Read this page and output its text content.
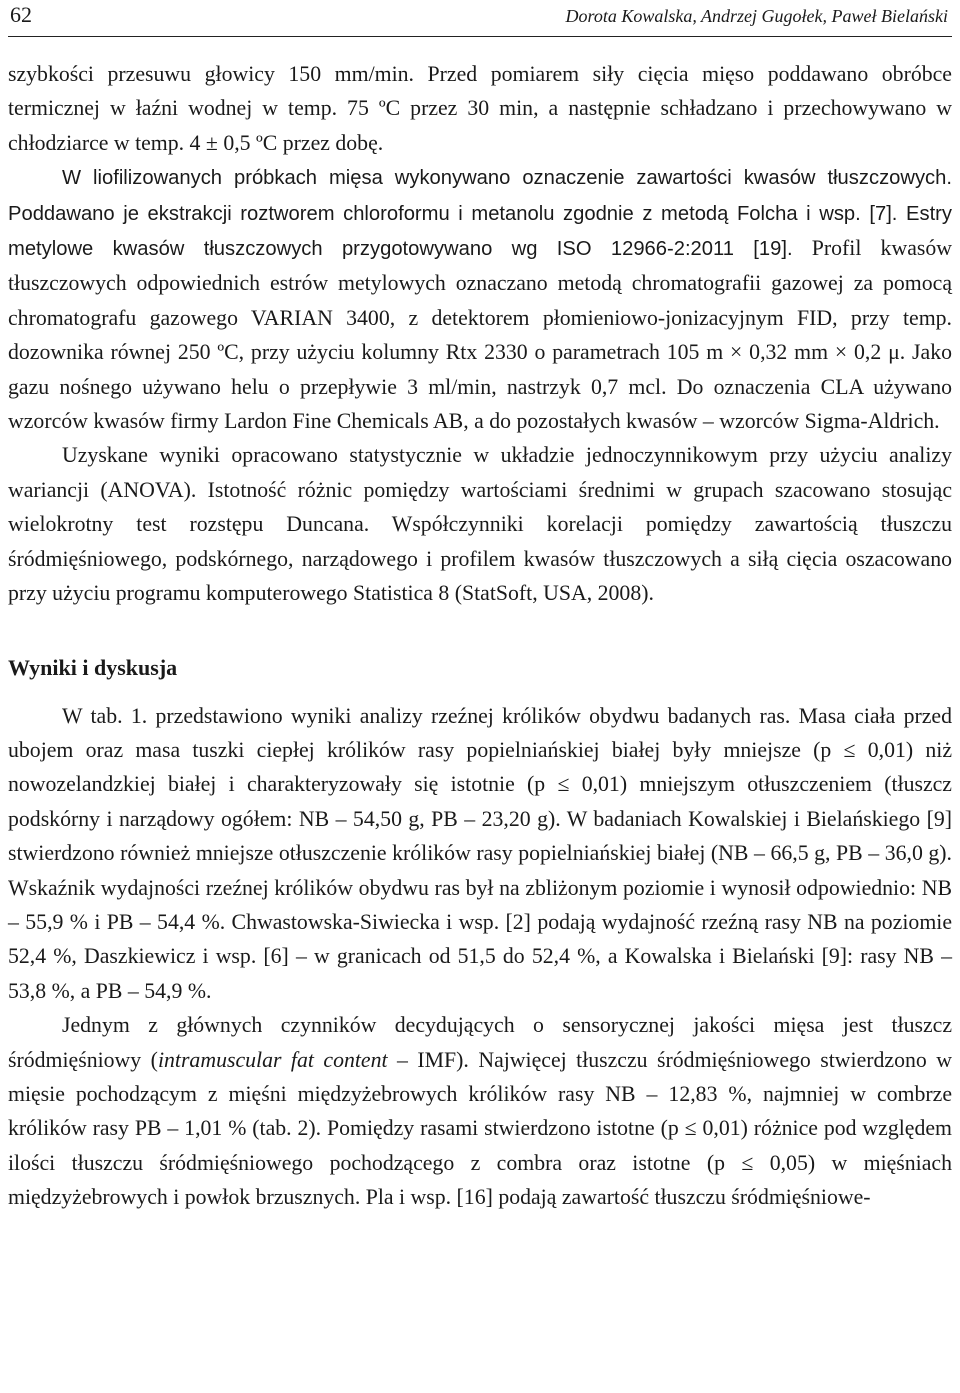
62	Dorota Kowalska, Andrzej Gugołek, Paweł Bielański

szybkości przesuwu głowicy 150 mm/min. Przed pomiarem siły cięcia mięso poddawano obróbce termicznej w łaźni wodnej w temp. 75 ºC przez 30 min, a następnie schładzano i przechowywano w chłodziarce w temp. 4 ± 0,5 ºC przez dobę.

W liofilizowanych próbkach mięsa wykonywano oznaczenie zawartości kwasów tłuszczowych. Poddawano je ekstrakcji roztworem chloroformu i metanolu zgodnie z metodą Folcha i wsp. [7]. Estry metylowe kwasów tłuszczowych przygotowywano wg ISO 12966-2:2011 [19]. Profil kwasów tłuszczowych odpowiednich estrów metylowych oznaczano metodą chromatografii gazowej za pomocą chromatografu gazowego VARIAN 3400, z detektorem płomieniowo-jonizacyjnym FID, przy temp. dozownika równej 250 ºC, przy użyciu kolumny Rtx 2330 o parametrach 105 m × 0,32 mm × 0,2 μ. Jako gazu nośnego używano helu o przepływie 3 ml/min, nastrzyk 0,7 mcl. Do oznaczenia CLA używano wzorców kwasów firmy Lardon Fine Chemicals AB, a do pozostałych kwasów – wzorców Sigma-Aldrich.

Uzyskane wyniki opracowano statystycznie w układzie jednoczynnikowym przy użyciu analizy wariancji (ANOVA). Istotność różnic pomiędzy wartościami średnimi w grupach szacowano stosując wielokrotny test rozstępu Duncana. Współczynniki korelacji pomiędzy zawartością tłuszczu śródmięśniowego, podskórnego, narządowego i profilem kwasów tłuszczowych a siłą cięcia oszacowano przy użyciu programu komputerowego Statistica 8 (StatSoft, USA, 2008).

Wyniki i dyskusja

W tab. 1. przedstawiono wyniki analizy rzeźnej królików obydwu badanych ras. Masa ciała przed ubojem oraz masa tuszki ciepłej królików rasy popielniańskiej białej były mniejsze (p ≤ 0,01) niż nowozelandzkiej białej i charakteryzowały się istotnie (p ≤ 0,01) mniejszym otłuszczeniem (tłuszcz podskórny i narządowy ogółem: NB – 54,50 g, PB – 23,20 g). W badaniach Kowalskiej i Bielańskiego [9] stwierdzono również mniejsze otłuszczenie królików rasy popielniańskiej białej (NB – 66,5 g, PB – 36,0 g). Wskaźnik wydajności rzeźnej królików obydwu ras był na zbliżonym poziomie i wynosił odpowiednio: NB – 55,9 % i PB – 54,4 %. Chwastowska-Siwiecka i wsp. [2] podają wydajność rzeźną rasy NB na poziomie 52,4 %, Daszkiewicz i wsp. [6] – w granicach od 51,5 do 52,4 %, a Kowalska i Bielański [9]: rasy NB – 53,8 %, a PB – 54,9 %.

Jednym z głównych czynników decydujących o sensorycznej jakości mięsa jest tłuszcz śródmięśniowy (intramuscular fat content – IMF). Najwięcej tłuszczu śródmięśniowego stwierdzono w mięsie pochodzącym z mięśni międzyżebrowych królików rasy NB – 12,83 %, najmniej w combrze królików rasy PB – 1,01 % (tab. 2). Pomiędzy rasami stwierdzono istotne (p ≤ 0,01) różnice pod względem ilości tłuszczu śródmięśniowego pochodzącego z combra oraz istotne (p ≤ 0,05) w mięśniach międzyżebrowych i powłok brzusznych. Pla i wsp. [16] podają zawartość tłuszczu śródmięśniowe-
